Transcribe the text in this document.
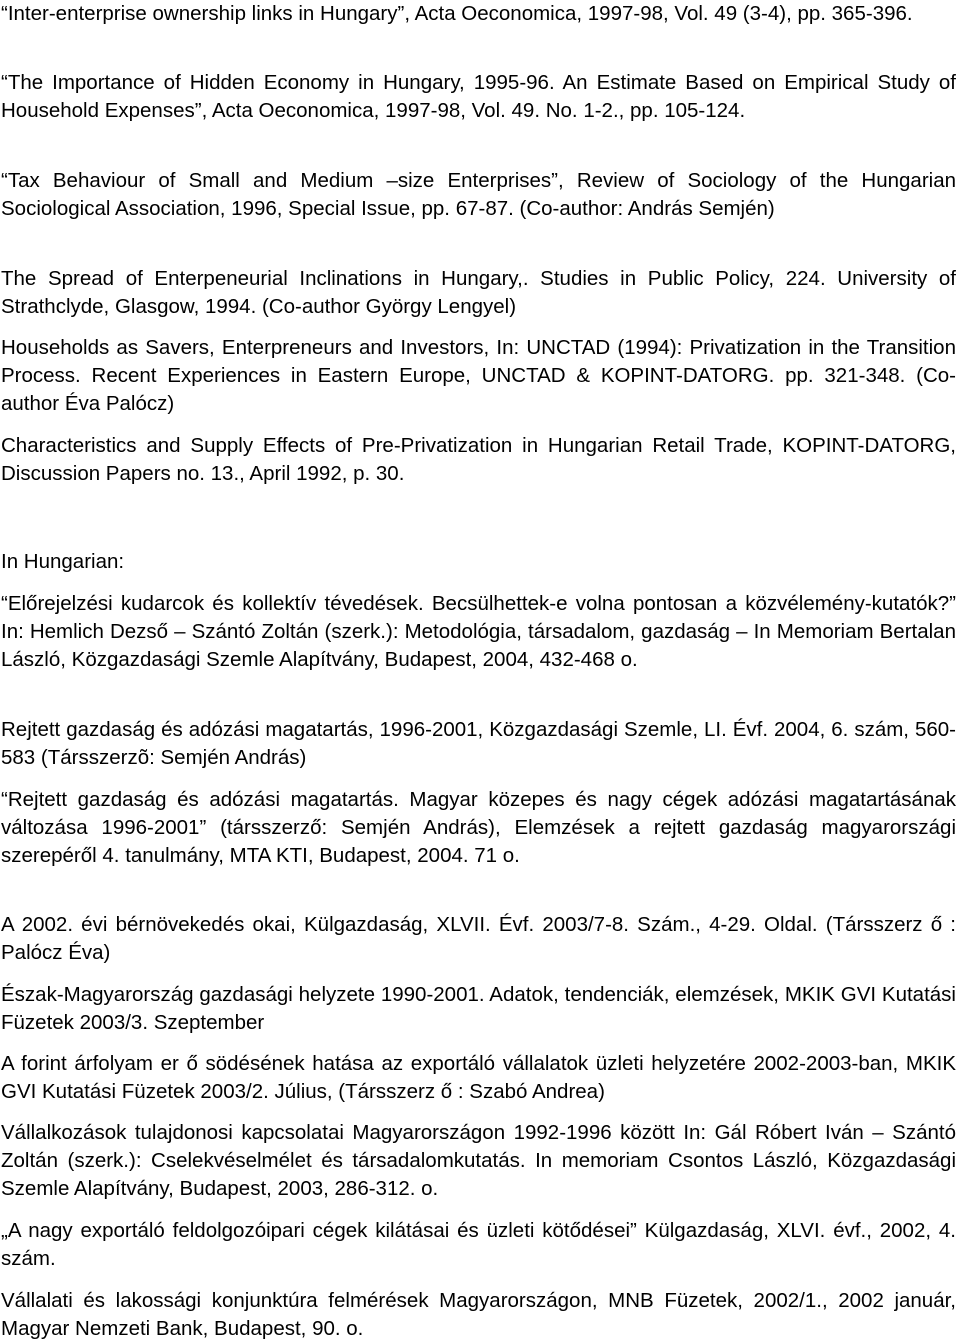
“Inter-enterprise ownership links in Hungary”, Acta Oeconomica, 1997-98, Vol. 49 (3-4), pp. 365-396.

“The Importance of Hidden Economy in Hungary, 1995-96. An Estimate Based on Empirical Study of Household Expenses”, Acta Oeconomica, 1997-98, Vol. 49. No. 1-2., pp. 105-124.

“Tax Behaviour of Small and Medium –size Enterprises”, Review of Sociology of the Hungarian Sociological Association, 1996, Special Issue, pp. 67-87. (Co-author: András Semjén)

The Spread of Enterpeneurial Inclinations in Hungary,. Studies in Public Policy, 224. University of Strathclyde, Glasgow, 1994. (Co-author György Lengyel)

Households as Savers, Enterpreneurs and Investors, In: UNCTAD (1994): Privatization in the Transition Process. Recent Experiences in Eastern Europe, UNCTAD & KOPINT-DATORG. pp. 321-348. (Co-author Éva Palócz)

Characteristics and Supply Effects of Pre-Privatization in Hungarian Retail Trade, KOPINT-DATORG, Discussion Papers no. 13., April 1992, p. 30.

In Hungarian:

“Előrejelzési kudarcok és kollektív tévedések. Becsülhettek-e volna pontosan a közvélemény-kutatók?” In: Hemlich Dezső – Szántó Zoltán (szerk.): Metodológia, társadalom, gazdaság – In Memoriam Bertalan László, Közgazdasági Szemle Alapítvány, Budapest, 2004, 432-468 o.

Rejtett gazdaság és adózási magatartás, 1996-2001, Közgazdasági Szemle, LI. Évf. 2004, 6. szám, 560-583 (Társszerzõ: Semjén András)

“Rejtett gazdaság és adózási magatartás. Magyar közepes és nagy cégek adózási magatartásának változása 1996-2001” (társszerző: Semjén András), Elemzések a rejtett gazdaság magyarországi szerepéről 4. tanulmány, MTA KTI, Budapest, 2004. 71 o.

A 2002. évi bérnövekedés okai, Külgazdaság, XLVII. Évf. 2003/7-8. Szám., 4-29. Oldal. (Társszerz ő : Palócz Éva)

Észak-Magyarország gazdasági helyzete 1990-2001. Adatok, tendenciák, elemzések, MKIK GVI Kutatási Füzetek 2003/3. Szeptember

A forint árfolyam er ő södésének hatása az exportáló vállalatok üzleti helyzetére 2002-2003-ban, MKIK GVI Kutatási Füzetek 2003/2. Július, (Társszerz ő : Szabó Andrea)

Vállalkozások tulajdonosi kapcsolatai Magyarországon 1992-1996 között In: Gál Róbert Iván – Szántó Zoltán (szerk.): Cselekvéselmélet és társadalomkutatás. In memoriam Csontos László, Közgazdasági Szemle Alapítvány, Budapest, 2003, 286-312. o.

„A nagy exportáló feldolgozóipari cégek kilátásai és üzleti kötődései” Külgazdaság, XLVI. évf., 2002, 4. szám.

Vállalati és lakossági konjunktúra felmérések Magyarországon, MNB Füzetek, 2002/1., 2002 január, Magyar Nemzeti Bank, Budapest, 90. o.
